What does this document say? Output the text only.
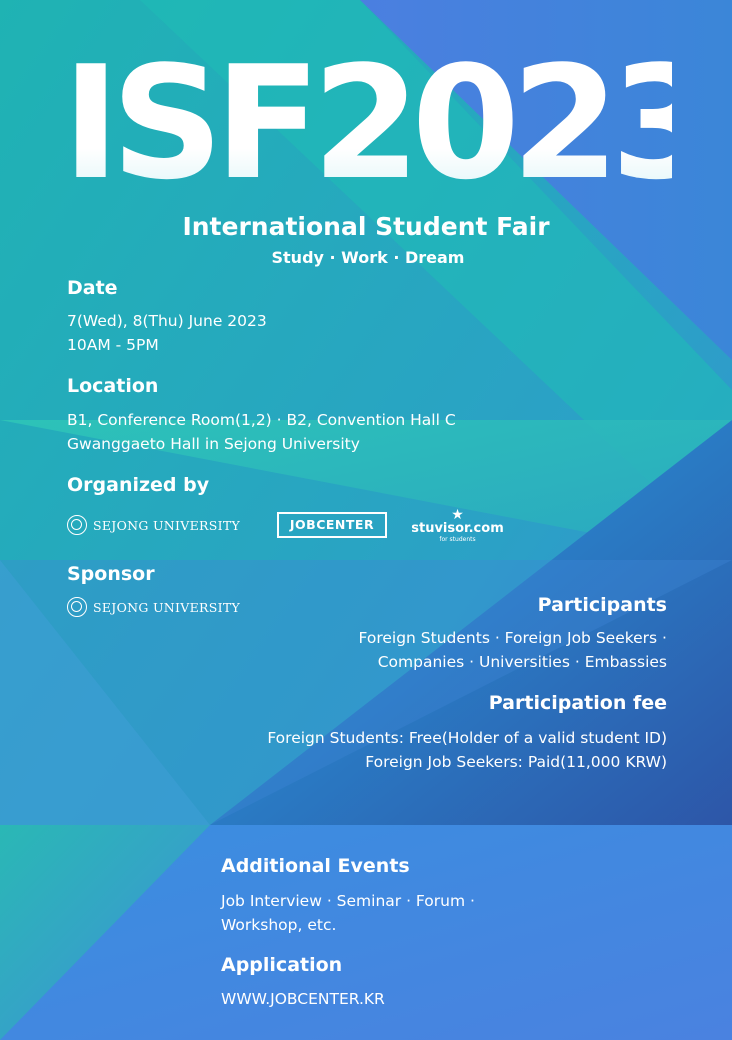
ISF2023
International Student Fair
Study · Work · Dream
Date
7(Wed), 8(Thu) June 2023
10AM - 5PM
Location
B1, Conference Room(1,2) · B2, Convention Hall C
Gwanggaeto Hall in Sejong University
Organized by
SEJONG UNIVERSITY	JOBCENTER
★
stuvisor.com
for students
Sponsor
SEJONG UNIVERSITY	Participants
Foreign Students · Foreign Job Seekers ·
Companies · Universities · Embassies
Participation fee
Foreign Students: Free(Holder of a valid student ID)
Foreign Job Seekers: Paid(11,000 KRW)
Additional Events
Job Interview · Seminar · Forum ·
Workshop, etc.
Application
WWW.JOBCENTER.KR
